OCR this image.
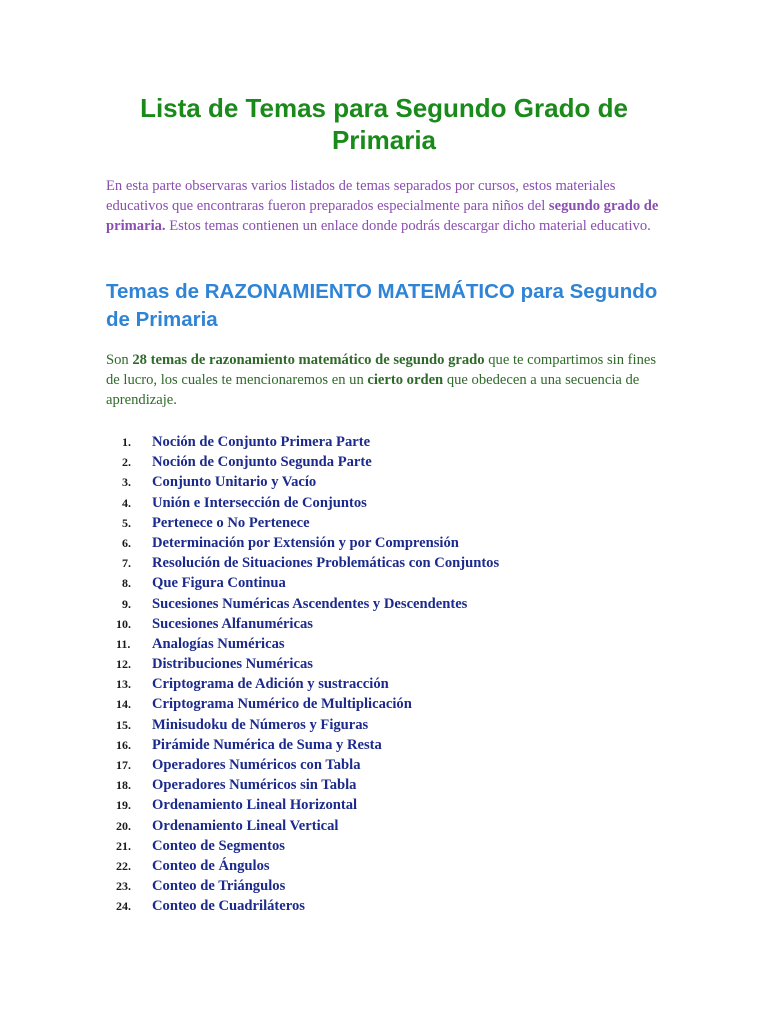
Lista de Temas para Segundo Grado de Primaria

En esta parte observaras varios listados de temas separados por cursos, estos materiales educativos que encontraras fueron preparados especialmente para niños del segundo grado de primaria. Estos temas contienen un enlace donde podrás descargar dicho material educativo.

Temas de RAZONAMIENTO MATEMÁTICO para Segundo de Primaria

Son 28 temas de razonamiento matemático de segundo grado que te compartimos sin fines de lucro, los cuales te mencionaremos en un cierto orden que obedecen a una secuencia de aprendizaje.

1.	Noción de Conjunto Primera Parte
2.	Noción de Conjunto Segunda Parte
3.	Conjunto Unitario y Vacío
4.	Unión e Intersección de Conjuntos
5.	Pertenece o No Pertenece
6.	Determinación por Extensión y por Comprensión
7.	Resolución de Situaciones Problemáticas con Conjuntos
8.	Que Figura Continua
9.	Sucesiones Numéricas Ascendentes y Descendentes
10.	Sucesiones Alfanuméricas
11.	Analogías Numéricas
12.	Distribuciones Numéricas
13.	Criptograma de Adición y sustracción
14.	Criptograma Numérico de Multiplicación
15.	Minisudoku de Números y Figuras
16.	Pirámide Numérica de Suma y Resta
17.	Operadores Numéricos con Tabla
18.	Operadores Numéricos sin Tabla
19.	Ordenamiento Lineal Horizontal
20.	Ordenamiento Lineal Vertical
21.	Conteo de Segmentos
22.	Conteo de Ángulos
23.	Conteo de Triángulos
24.	Conteo de Cuadriláteros
